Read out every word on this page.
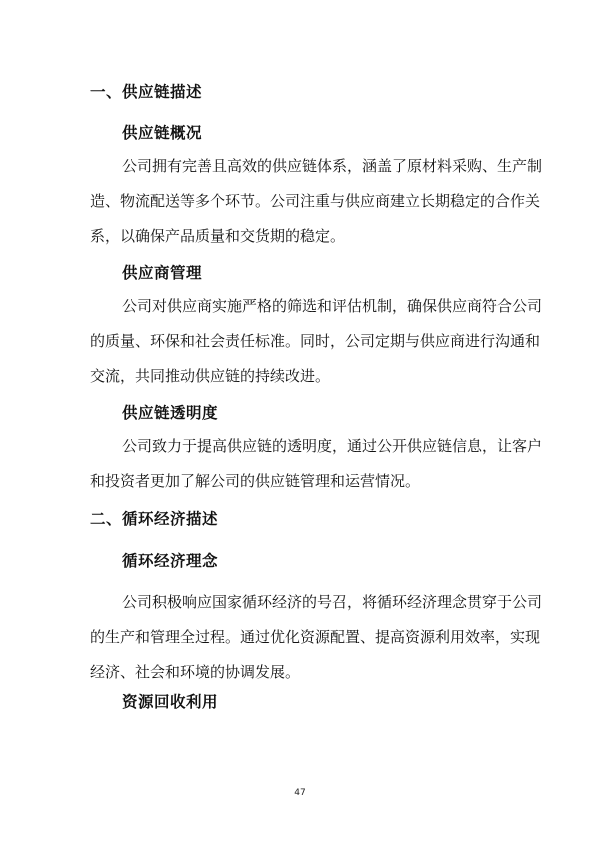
一、供应链描述
供应链概况
公司拥有完善且高效的供应链体系，涵盖了原材料采购、生产制
造、物流配送等多个环节。公司注重与供应商建立长期稳定的合作关
系，以确保产品质量和交货期的稳定。
供应商管理
公司对供应商实施严格的筛选和评估机制，确保供应商符合公司
的质量、环保和社会责任标准。同时，公司定期与供应商进行沟通和
交流，共同推动供应链的持续改进。
供应链透明度
公司致力于提高供应链的透明度，通过公开供应链信息，让客户
和投资者更加了解公司的供应链管理和运营情况。
二、循环经济描述
循环经济理念
公司积极响应国家循环经济的号召，将循环经济理念贯穿于公司
的生产和管理全过程。通过优化资源配置、提高资源利用效率，实现
经济、社会和环境的协调发展。
资源回收利用
47
